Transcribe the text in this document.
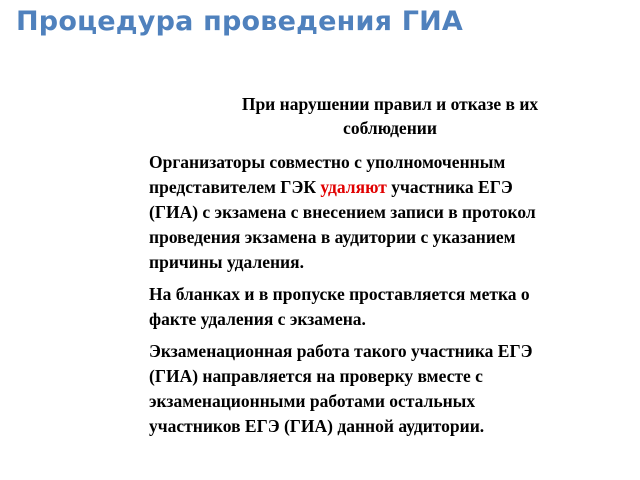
Процедура проведения ГИА
При нарушении правил и отказе в их соблюдении

Организаторы совместно с уполномоченным
представителем ГЭК удаляют участника ЕГЭ
(ГИА) с экзамена с внесением записи в протокол
проведения экзамена в аудитории с указанием
причины удаления.

На бланках и в пропуске проставляется метка о
факте удаления с экзамена.

Экзаменационная работа такого участника ЕГЭ
(ГИА) направляется на проверку вместе с
экзаменационными работами остальных
участников ЕГЭ (ГИА) данной аудитории.
